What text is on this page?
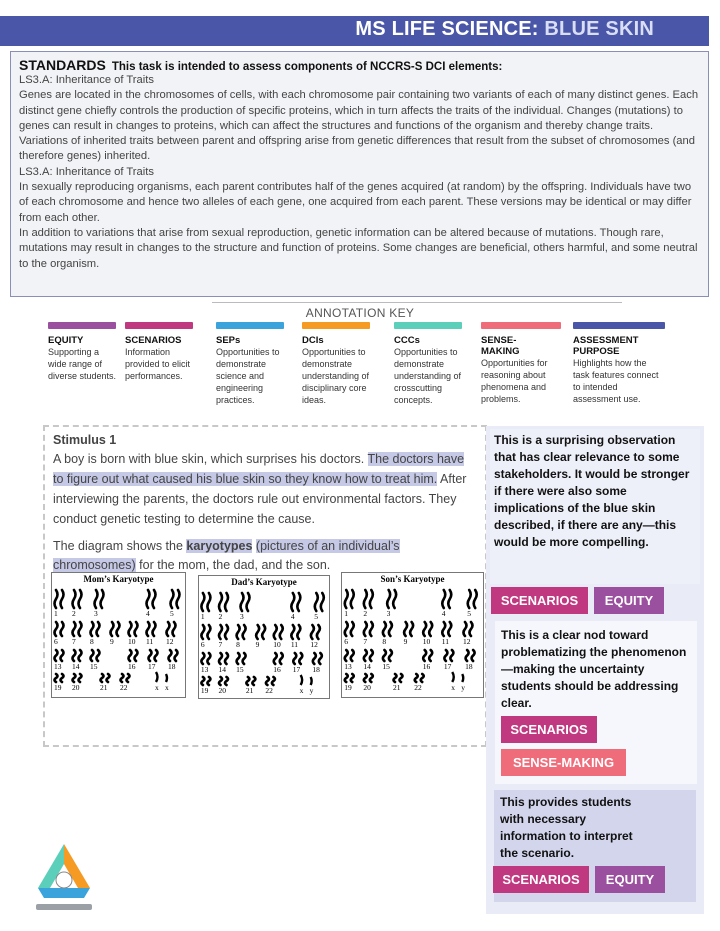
MS LIFE SCIENCE: BLUE SKIN
STANDARDS This task is intended to assess components of NCCRS-S DCI elements:

LS3.A: Inheritance of Traits

Genes are located in the chromosomes of cells, with each chromosome pair containing two variants of each of many distinct genes. Each distinct gene chiefly controls the production of specific proteins, which in turn affects the traits of the individual. Changes (mutations) to genes can result in changes to proteins, which can affect the structures and functions of the organism and thereby change traits.

Variations of inherited traits between parent and offspring arise from genetic differences that result from the subset of chromosomes (and therefore genes) inherited.

LS3.A: Inheritance of Traits

In sexually reproducing organisms, each parent contributes half of the genes acquired (at random) by the offspring. Individuals have two of each chromosome and hence two alleles of each gene, one acquired from each parent. These versions may be identical or may differ from each other.

In addition to variations that arise from sexual reproduction, genetic information can be altered because of mutations. Though rare, mutations may result in changes to the structure and function of proteins. Some changes are beneficial, others harmful, and some neutral to the organism.

ANNOTATION KEY
EQUITY
Supporting a wide range of diverse students.
SCENARIOS
Information provided to elicit performances.
SEPs
Opportunities to demonstrate science and engineering practices.
DCIs
Opportunities to demonstrate understanding of disciplinary core ideas.
CCCs
Opportunities to demonstrate understanding of crosscutting concepts.
SENSE-MAKING
Opportunities for reasoning about phenomena and problems.
ASSESSMENT PURPOSE
Highlights how the task features connect to intended assessment use.
Stimulus 1
A boy is born with blue skin, which surprises his doctors. The doctors have to figure out what caused his blue skin so they know how to treat him. After interviewing the parents, the doctors rule out environmental factors. They conduct genetic testing to determine the cause.
The diagram shows the karyotypes (pictures of an individual’s chromosomes) for the mom, the dad, and the son.
Mom’s Karyotype
1 2 3	4	5
6 7 8 9 10 11 12
13 14 15	16 17 18
19 20	21 22	x x
Dad’s Karyotype
1 2 3	4	5
6 7 8 9 10 11 12
13 14 15	16 17 18
19 20	21 22	x y
Son’s Karyotype
1 2	3	4	5
6 7 8 9 10 11 12
13 14 15	16 17 18
19 20	21 22	x y
This is a surprising observation that has clear relevance to some stakeholders. It would be stronger if there were also some implications of the blue skin described, if there are any—this would be more compelling.
SCENARIOS	EQUITY
This is a clear nod toward problematizing the phenomenon—making the uncertainty students should be addressing clear.
SCENARIOS
SENSE-MAKING
This provides students with necessary information to interpret the scenario.
SCENARIOS	EQUITY
